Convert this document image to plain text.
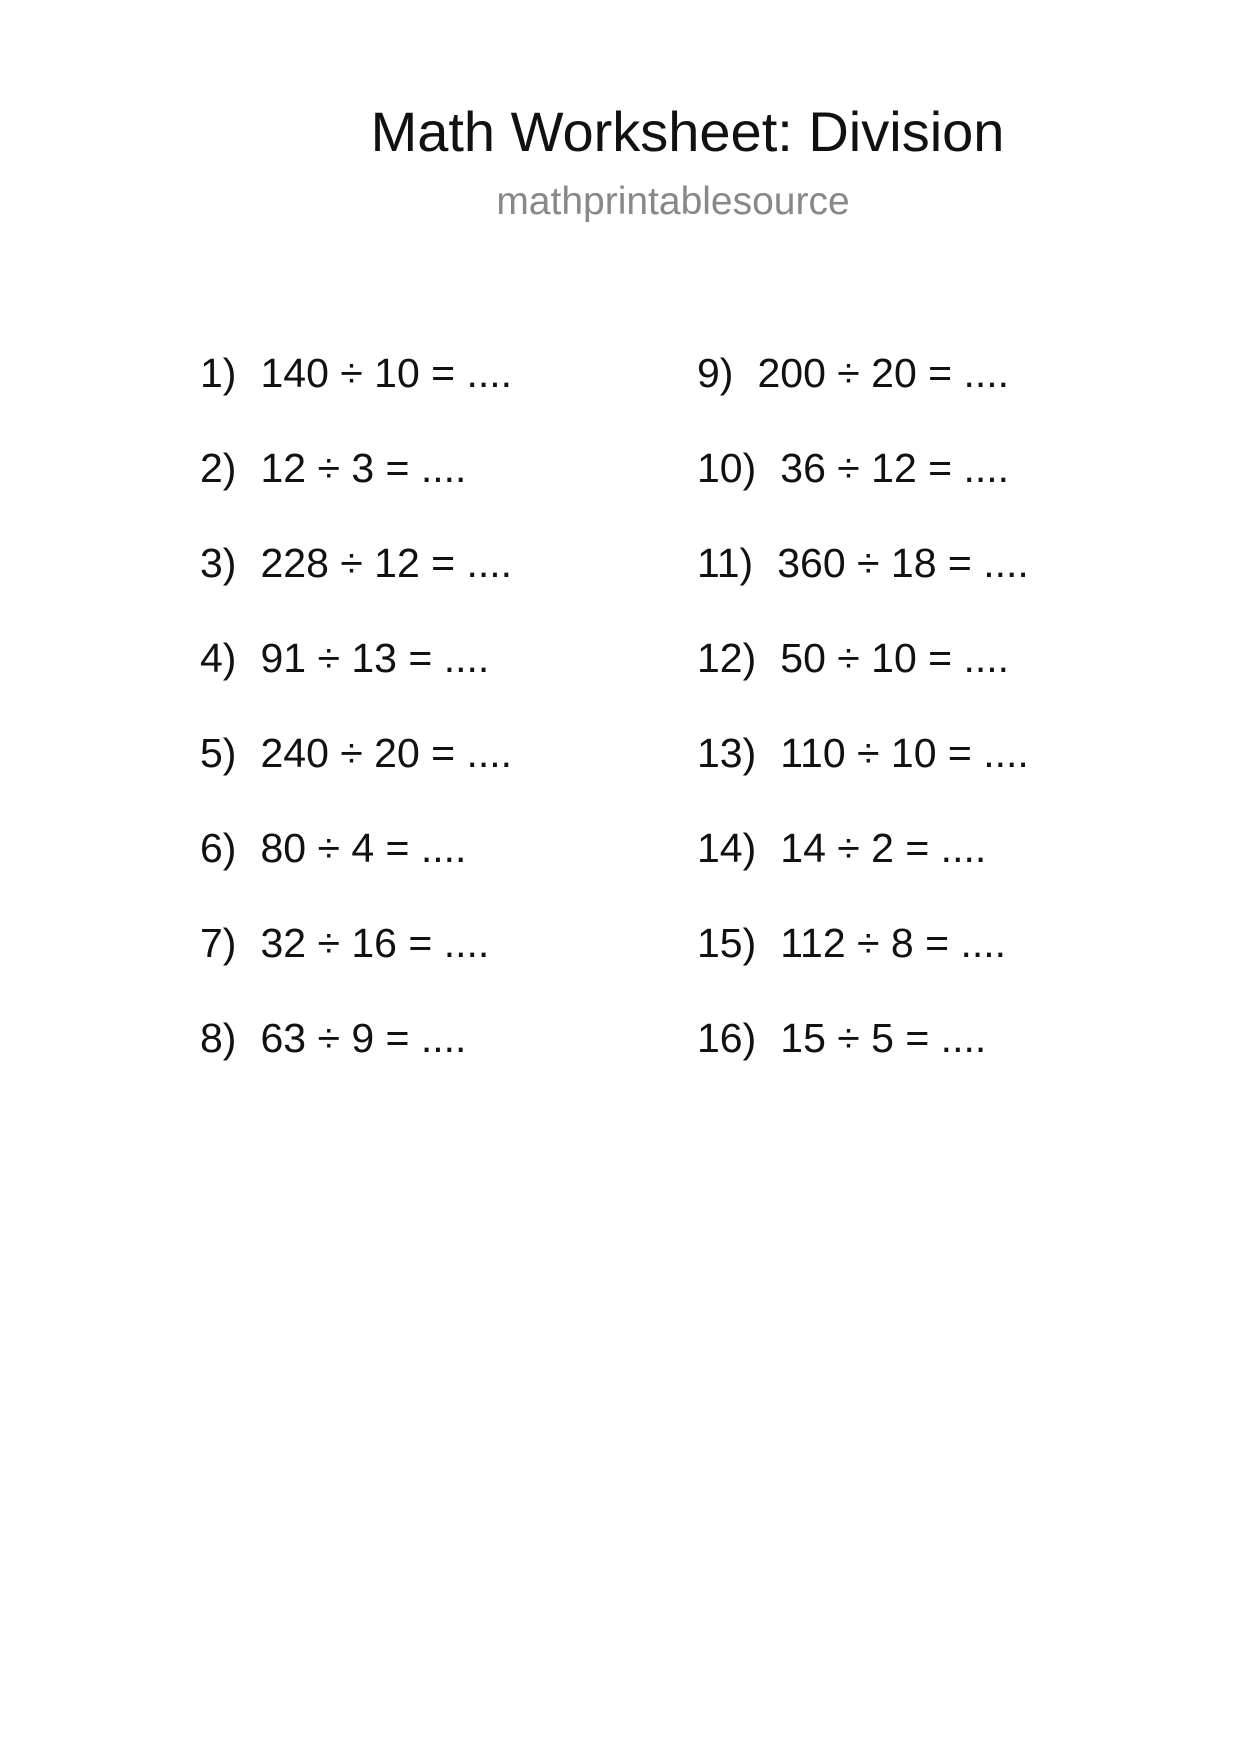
Math Worksheet: Division
mathprintablesource
1) 140 ÷ 10 = ....
2) 12 ÷ 3 = ....
3) 228 ÷ 12 = ....
4) 91 ÷ 13 = ....
5) 240 ÷ 20 = ....
6) 80 ÷ 4 = ....
7) 32 ÷ 16 = ....
8) 63 ÷ 9 = ....
9) 200 ÷ 20 = ....
10) 36 ÷ 12 = ....
11) 360 ÷ 18 = ....
12) 50 ÷ 10 = ....
13) 110 ÷ 10 = ....
14) 14 ÷ 2 = ....
15) 112 ÷ 8 = ....
16) 15 ÷ 5 = ....
